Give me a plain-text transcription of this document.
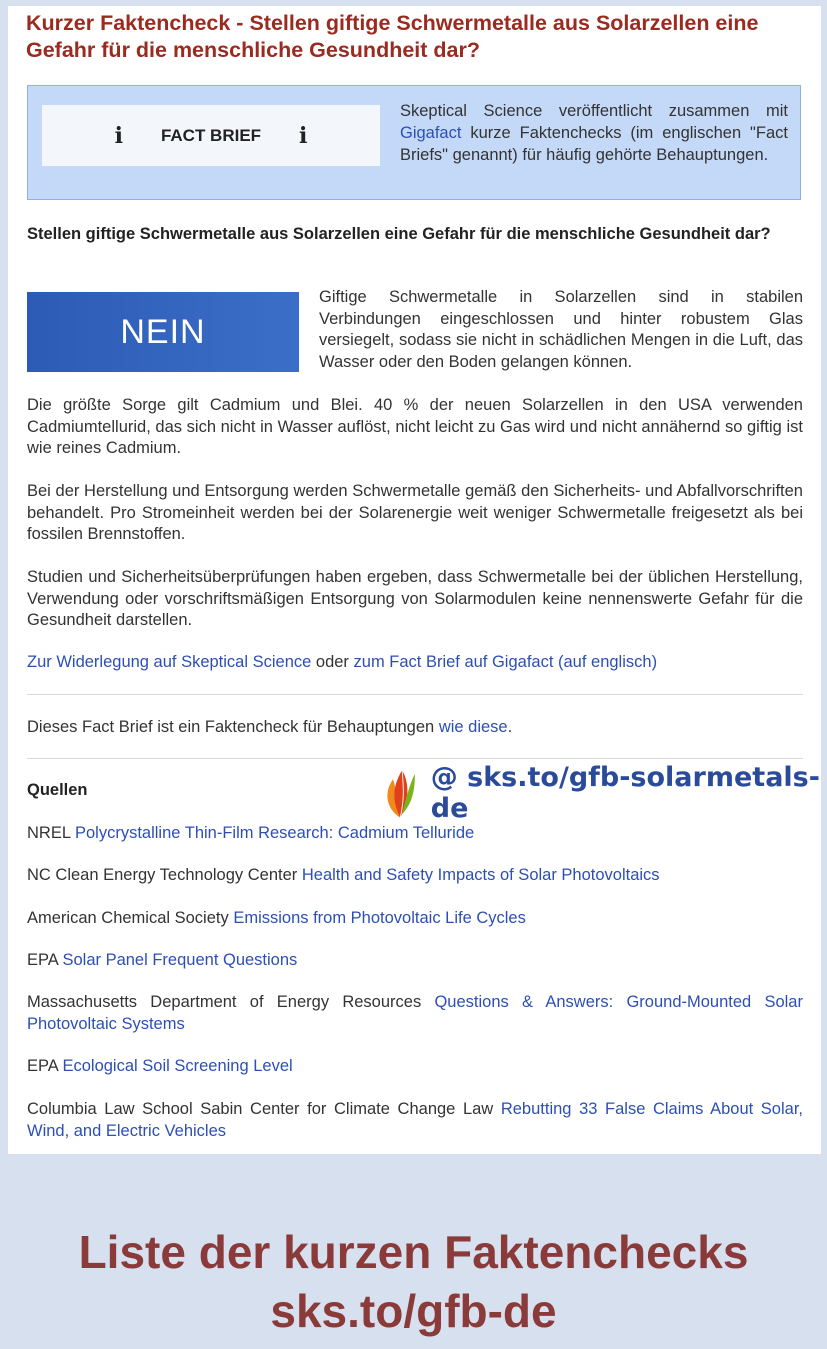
Kurzer Faktencheck - Stellen giftige Schwermetalle aus Solarzellen eine Gefahr für die menschliche Gesundheit dar?
i FACT BRIEF i
Skeptical Science veröffentlicht zusammen mit Gigafact kurze Faktenchecks (im englischen "Fact Briefs" genannt) für häufig gehörte Behauptungen.

Stellen giftige Schwermetalle aus Solarzellen eine Gefahr für die menschliche Gesundheit dar?

NEIN

Giftige Schwermetalle in Solarzellen sind in stabilen Verbindungen eingeschlossen und hinter robustem Glas versiegelt, sodass sie nicht in schädlichen Mengen in die Luft, das Wasser oder den Boden gelangen können.

Die größte Sorge gilt Cadmium und Blei. 40 % der neuen Solarzellen in den USA verwenden Cadmiumtellurid, das sich nicht in Wasser auflöst, nicht leicht zu Gas wird und nicht annähernd so giftig ist wie reines Cadmium.

Bei der Herstellung und Entsorgung werden Schwermetalle gemäß den Sicherheits- und Abfallvorschriften behandelt. Pro Stromeinheit werden bei der Solarenergie weit weniger Schwermetalle freigesetzt als bei fossilen Brennstoffen.

Studien und Sicherheitsüberprüfungen haben ergeben, dass Schwermetalle bei der üblichen Herstellung, Verwendung oder vorschriftsmäßigen Entsorgung von Solarmodulen keine nennenswerte Gefahr für die Gesundheit darstellen.

Zur Widerlegung auf Skeptical Science oder zum Fact Brief auf Gigafact (auf englisch)

Dieses Fact Brief ist ein Faktencheck für Behauptungen wie diese.

Quellen	@ sks.to/gfb-solarmetals-de

NREL Polycrystalline Thin-Film Research: Cadmium Telluride

NC Clean Energy Technology Center Health and Safety Impacts of Solar Photovoltaics

American Chemical Society Emissions from Photovoltaic Life Cycles

EPA Solar Panel Frequent Questions

Massachusetts Department of Energy Resources Questions & Answers: Ground-Mounted Solar Photovoltaic Systems

EPA Ecological Soil Screening Level

Columbia Law School Sabin Center for Climate Change Law Rebutting 33 False Claims About Solar, Wind, and Electric Vehicles

Liste der kurzen Faktenchecks
sks.to/gfb-de
